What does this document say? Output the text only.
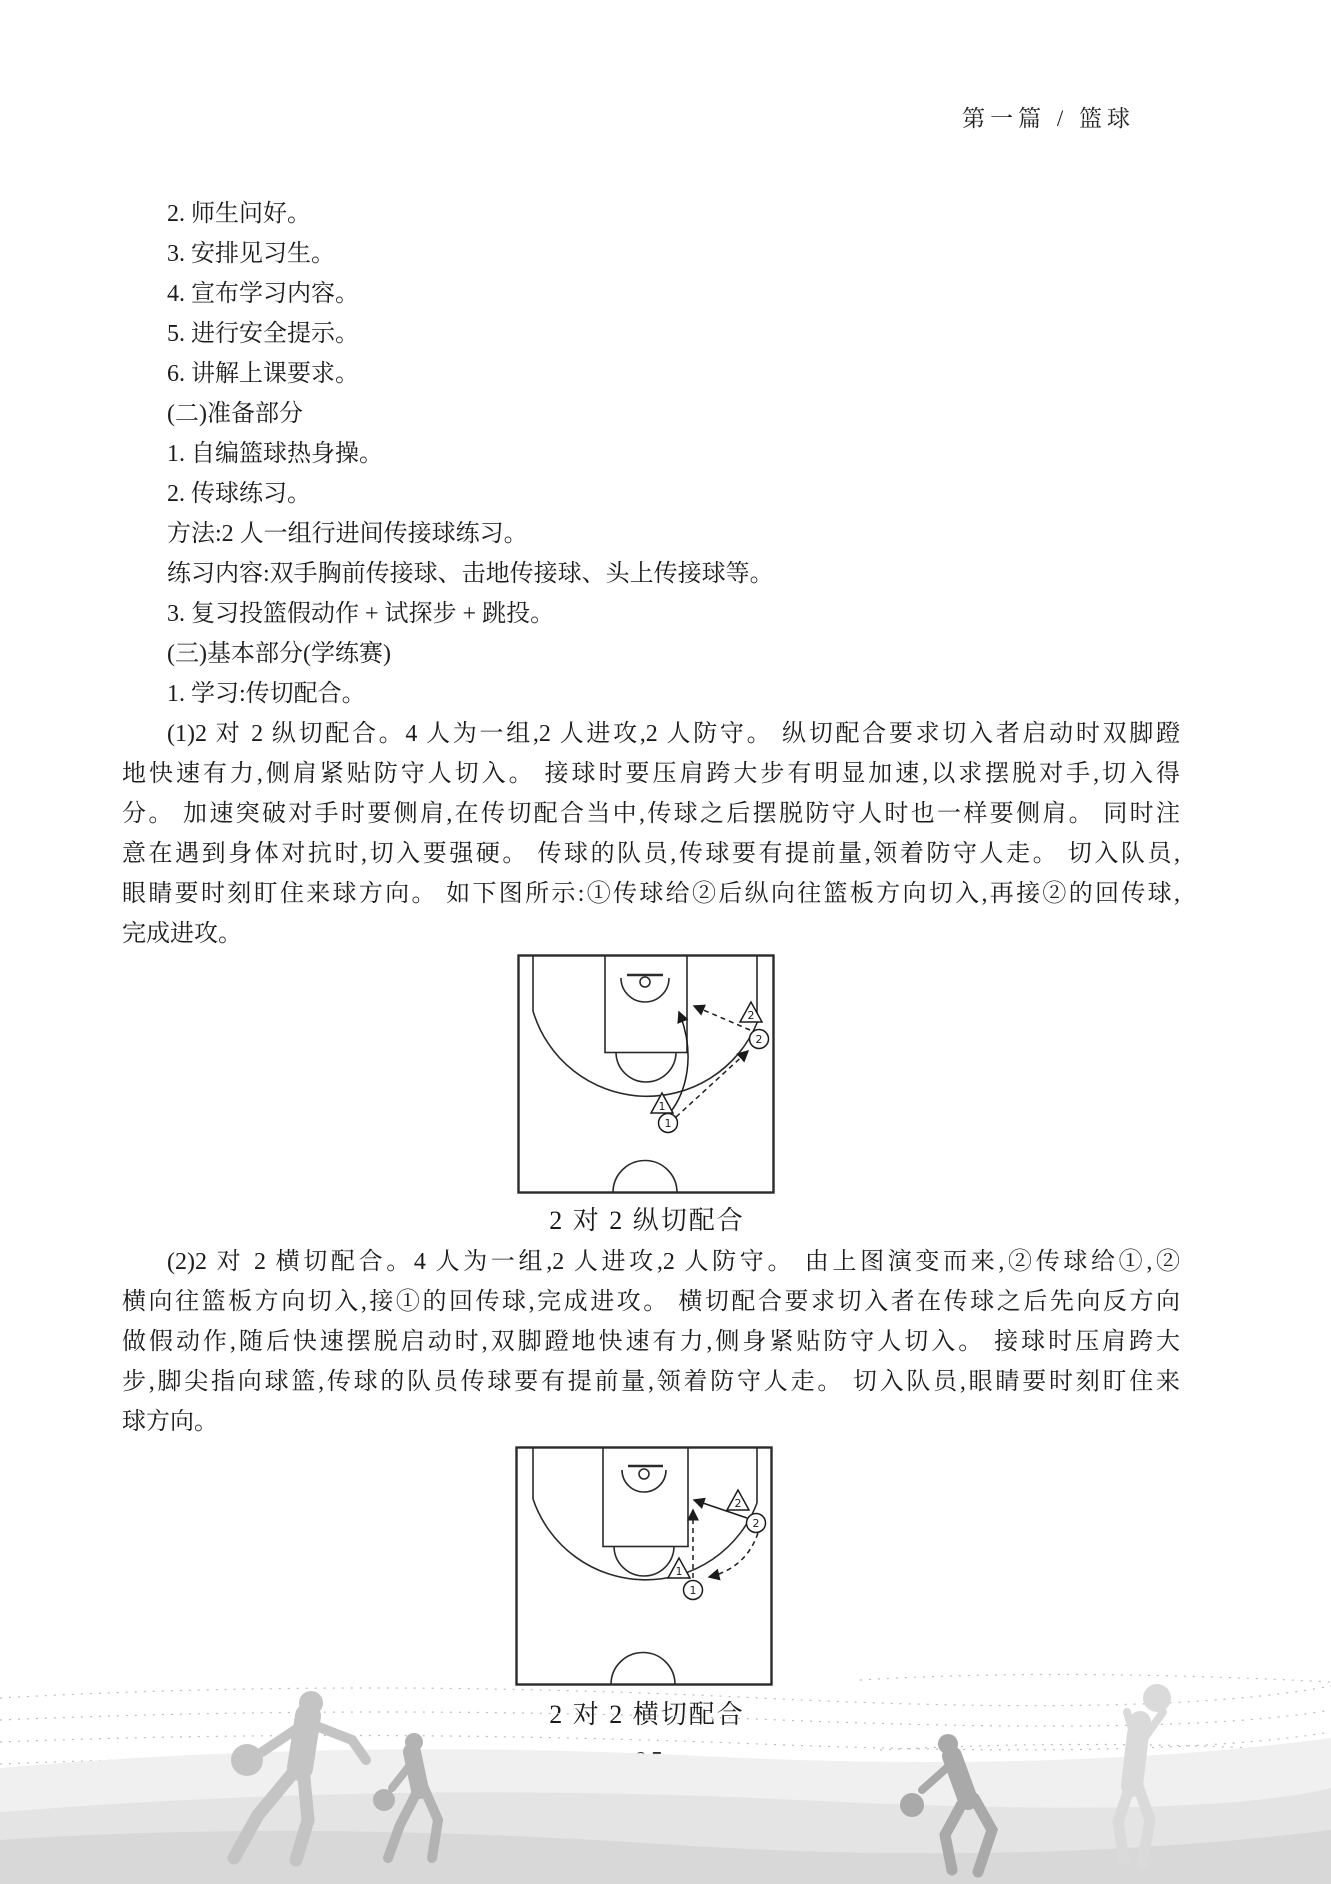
第一篇 / 篮球
2. 师生问好。
3. 安排见习生。
4. 宣布学习内容。
5. 进行安全提示。
6. 讲解上课要求。
(二)准备部分
1. 自编篮球热身操。
2. 传球练习。
方法:2 人一组行进间传接球练习。
练习内容:双手胸前传接球、击地传接球、头上传接球等。
3. 复习投篮假动作 + 试探步 + 跳投。
(三)基本部分(学练赛)
1. 学习:传切配合。
(1)2 对 2 纵切配合。4 人为一组,2 人进攻,2 人防守。 纵切配合要求切入者启动时双脚蹬
地快速有力,侧肩紧贴防守人切入。 接球时要压肩跨大步有明显加速,以求摆脱对手,切入得
分。 加速突破对手时要侧肩,在传切配合当中,传球之后摆脱防守人时也一样要侧肩。 同时注
意在遇到身体对抗时,切入要强硬。 传球的队员,传球要有提前量,领着防守人走。 切入队员,
眼睛要时刻盯住来球方向。 如下图所示:①传球给②后纵向往篮板方向切入,再接②的回传球,
完成进攻。
2
2
1
1
2 对 2 纵切配合
(2)2 对 2 横切配合。4 人为一组,2 人进攻,2 人防守。 由上图演变而来,②传球给①,②
横向往篮板方向切入,接①的回传球,完成进攻。 横切配合要求切入者在传球之后先向反方向
做假动作,随后快速摆脱启动时,双脚蹬地快速有力,侧身紧贴防守人切入。 接球时压肩跨大
步,脚尖指向球篮,传球的队员传球要有提前量,领着防守人走。 切入队员,眼睛要时刻盯住来
球方向。
2
2
1
1
2 对 2 横切配合
